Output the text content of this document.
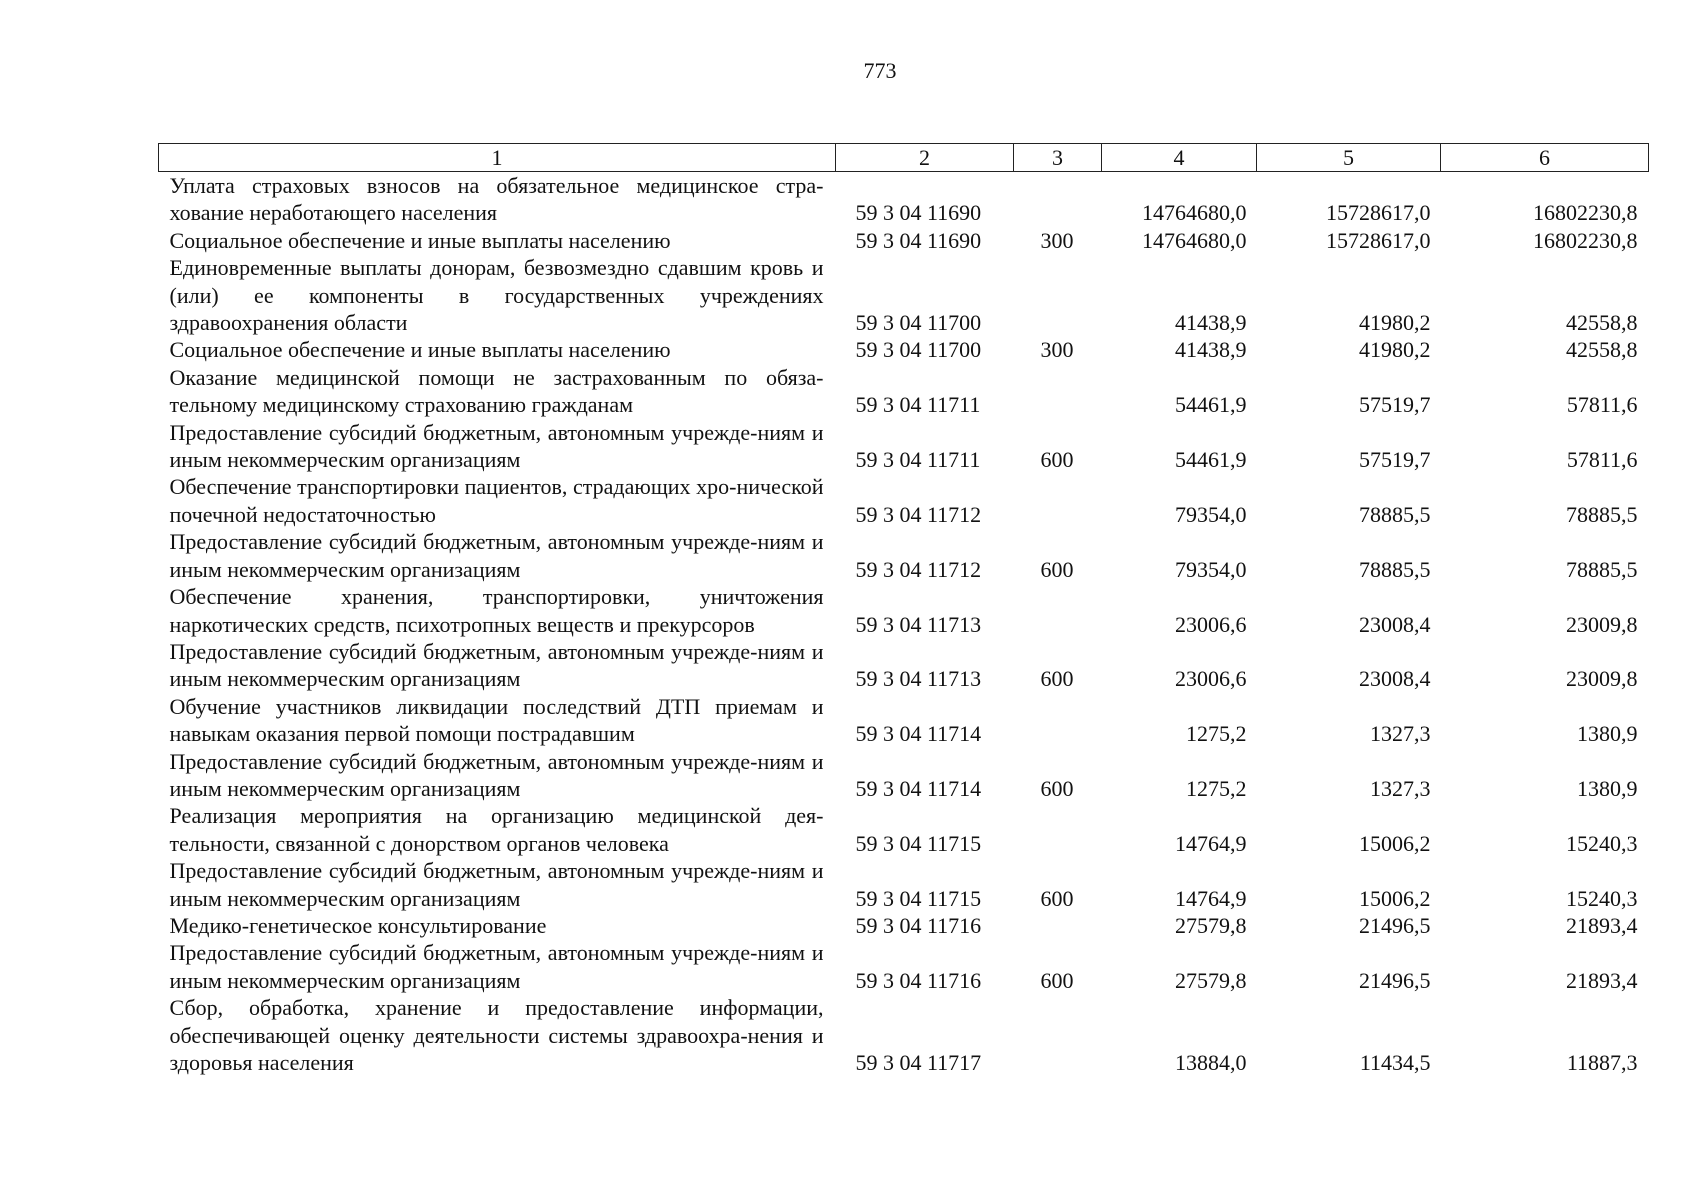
773
1	2	3	4	5	6
Уплата страховых взносов на обязательное медицинское стра-хование неработающего населения	59 3 04 11690		14764680,0	15728617,0	16802230,8
Социальное обеспечение и иные выплаты населению	59 3 04 11690	300	14764680,0	15728617,0	16802230,8
Единовременные выплаты донорам, безвозмездно сдавшим кровь и (или) ее компоненты в государственных учреждениях здравоохранения области	59 3 04 11700		41438,9	41980,2	42558,8
Социальное обеспечение и иные выплаты населению	59 3 04 11700	300	41438,9	41980,2	42558,8
Оказание медицинской помощи не застрахованным по обяза-тельному медицинскому страхованию гражданам	59 3 04 11711		54461,9	57519,7	57811,6
Предоставление субсидий бюджетным, автономным учрежде-ниям и иным некоммерческим организациям	59 3 04 11711	600	54461,9	57519,7	57811,6
Обеспечение транспортировки пациентов, страдающих хро-нической почечной недостаточностью	59 3 04 11712		79354,0	78885,5	78885,5
Предоставление субсидий бюджетным, автономным учрежде-ниям и иным некоммерческим организациям	59 3 04 11712	600	79354,0	78885,5	78885,5
Обеспечение хранения, транспортировки, уничтожения наркотических средств, психотропных веществ и прекурсоров	59 3 04 11713		23006,6	23008,4	23009,8
Предоставление субсидий бюджетным, автономным учрежде-ниям и иным некоммерческим организациям	59 3 04 11713	600	23006,6	23008,4	23009,8
Обучение участников ликвидации последствий ДТП приемам и навыкам оказания первой помощи пострадавшим	59 3 04 11714		1275,2	1327,3	1380,9
Предоставление субсидий бюджетным, автономным учрежде-ниям и иным некоммерческим организациям	59 3 04 11714	600	1275,2	1327,3	1380,9
Реализация мероприятия на организацию медицинской дея-тельности, связанной с донорством органов человека	59 3 04 11715		14764,9	15006,2	15240,3
Предоставление субсидий бюджетным, автономным учрежде-ниям и иным некоммерческим организациям	59 3 04 11715	600	14764,9	15006,2	15240,3
Медико-генетическое консультирование	59 3 04 11716		27579,8	21496,5	21893,4
Предоставление субсидий бюджетным, автономным учрежде-ниям и иным некоммерческим организациям	59 3 04 11716	600	27579,8	21496,5	21893,4
Сбор, обработка, хранение и предоставление информации, обеспечивающей оценку деятельности системы здравоохра-нения и здоровья населения	59 3 04 11717		13884,0	11434,5	11887,3
